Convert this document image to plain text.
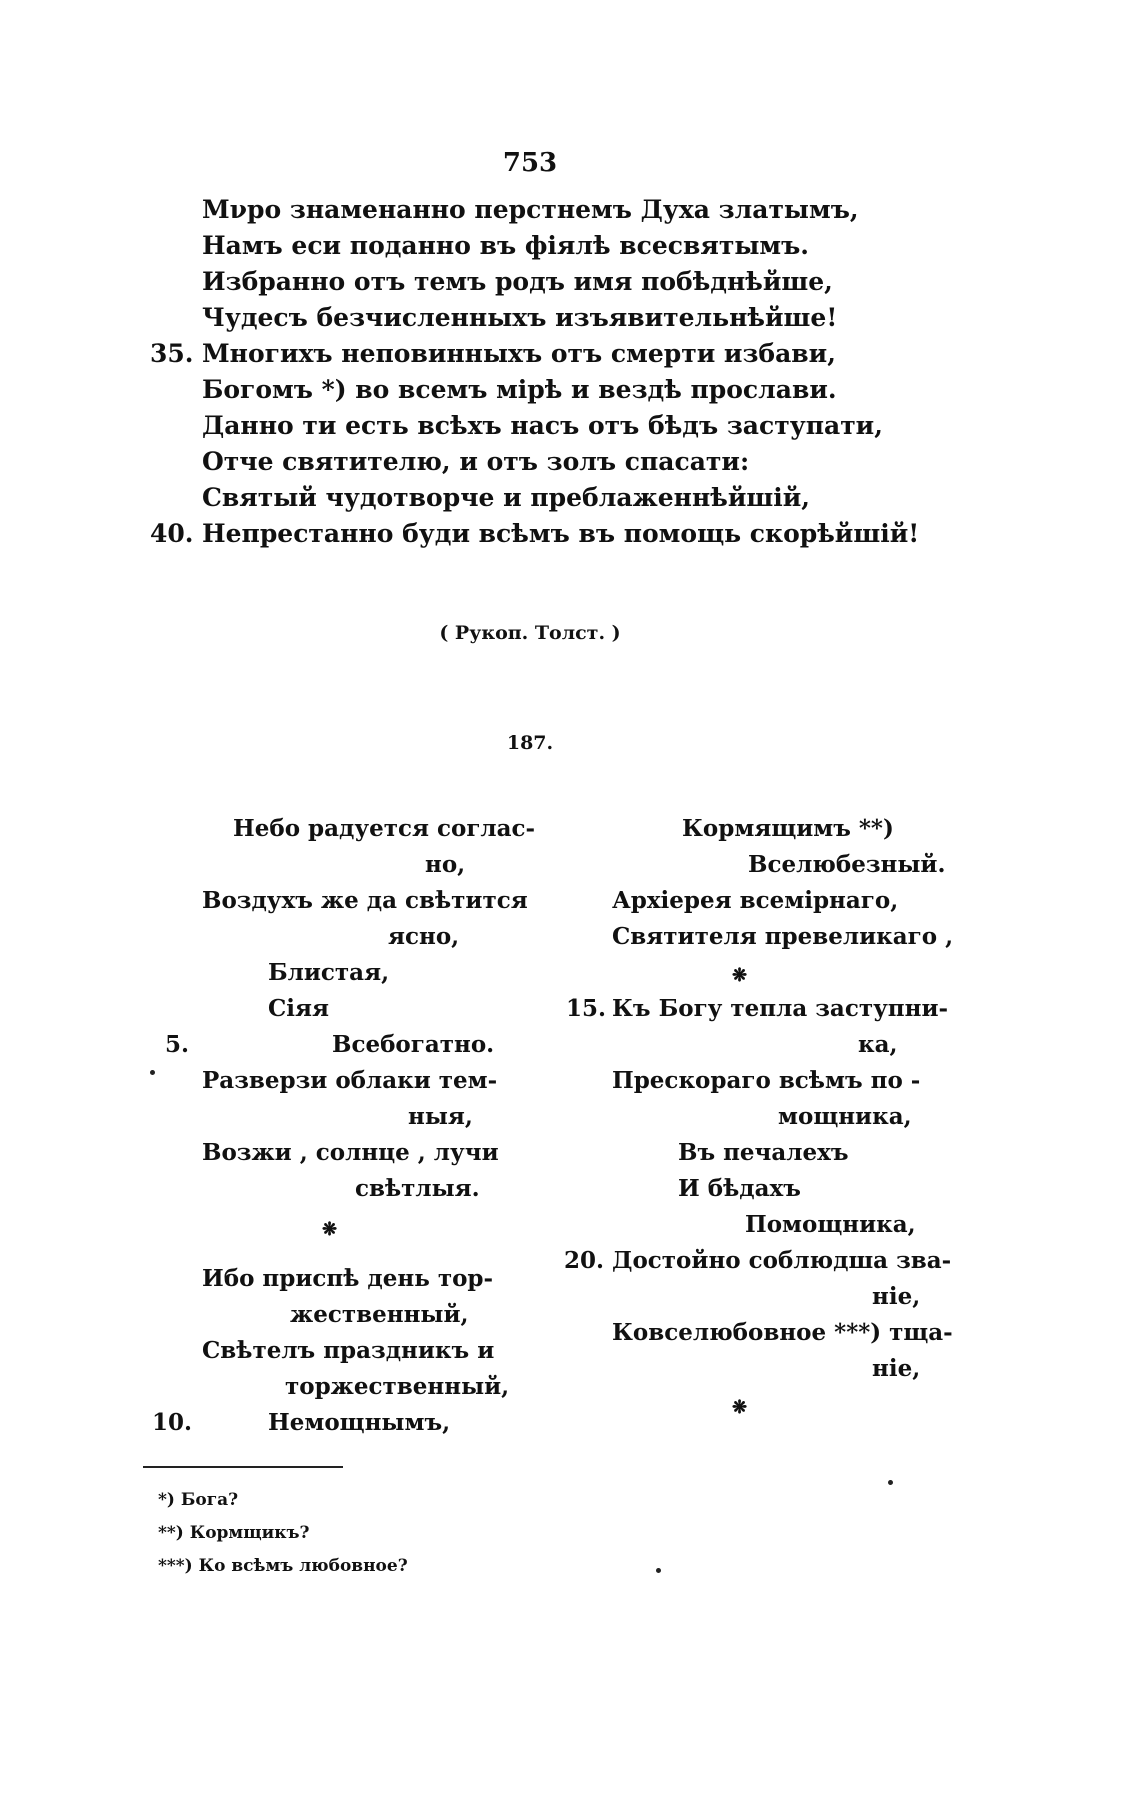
753
Мνро знаменанно перстнемъ Духа златымъ,
Намъ еси поданно въ фiялѣ всесвятымъ.
Избранно отъ темъ родъ имя побѣднѣйше,
Чудесъ безчисленныхъ изъявительнѣйше!
35. Многихъ неповинныхъ отъ смерти избави,
Богомъ *) во всемъ мiрѣ и вездѣ прослави.
Данно ти есть всѣхъ насъ отъ бѣдъ заступати,
Отче святителю, и отъ золъ спасати:
Святый чудотворче и преблаженнѣйшiй,
40. Непрестанно буди всѣмъ въ помощь скорѣйшiй!
( Рукоп. Толст. )
187.
Небо радуется соглас-
но,
Воздухъ же да свѣтится
ясно,
Блистая,
Сiяя
5.	Всебогатно.
Разверзи облаки тем-
ныя,
Возжи , солнце , лучи
свѣтлыя.
❋
Ибо приспѣ день тор-
жественный,
Свѣтелъ праздникъ и
торжественный,
10.	Немощнымъ,
Кормящимъ **)
Вселюбезный.
Архiерея всемiрнаго,
Святителя превеликаго ,
❋
15. Къ Богу тепла заступни-
ка,
Прескораго всѣмъ по -
мощника,
Въ печалехъ
И бѣдахъ
Помощника,
20. Достойно соблюдша зва-
нiе,
Ковселюбовное ***) тща-
нiе,
❋
*) Бога?
**) Кормщикъ?
***) Ко всѣмъ любовное?
